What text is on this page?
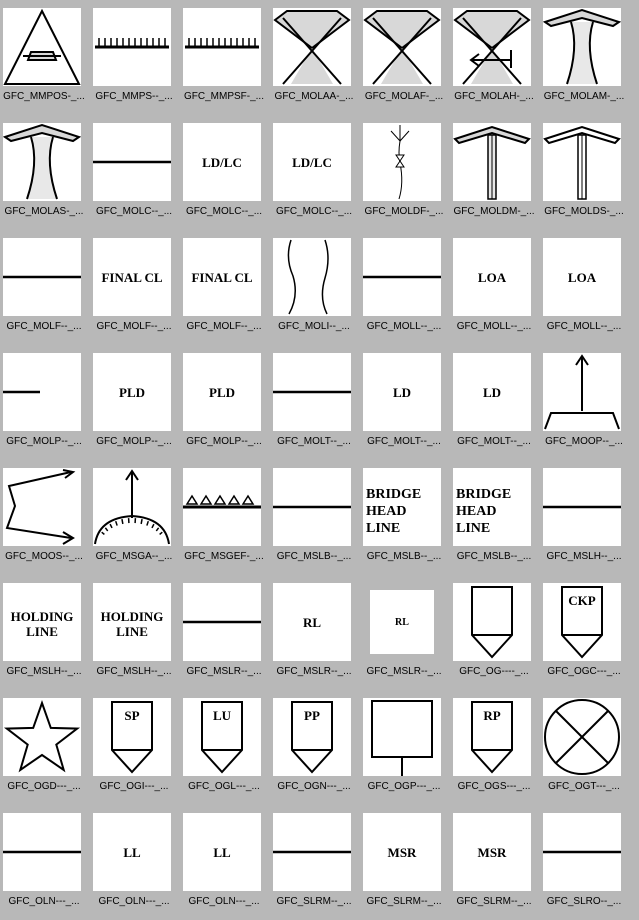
GFC_MMPOS-_...	GFC_MMPS--_...	GFC_MMPSF-_...	GFC_MOLAA-_...	GFC_MOLAF-_...	GFC_MOLAH-_... GFC_MOLAM-_...
GFC_MOLAS-_...	GFC_MOLC--_...
LD/LC
GFC_MOLC--_...
LD/LC
GFC_MOLC--_...	GFC_MOLDF-_... GFC_MOLDM-_... GFC_MOLDS-_...
GFC_MOLF--_...
FINAL CL
GFC_MOLF--_...
FINAL CL
GFC_MOLF--_...	GFC_MOLI--_...	GFC_MOLL--_...
LOA
GFC_MOLL--_...
LOA
GFC_MOLL--_...
GFC_MOLP--_...
PLD
GFC_MOLP--_...
PLD
GFC_MOLP--_...	GFC_MOLT--_...
LD
GFC_MOLT--_...
LD
GFC_MOLT--_...	GFC_MOOP--_...
GFC_MOOS--_...	GFC_MSGA--_...	GFC_MSGEF-_...	GFC_MSLB--_...
BRIDGE
HEAD
LINE
GFC_MSLB--_...
BRIDGE
HEAD
LINE
GFC_MSLB--_...	GFC_MSLH--_...
HOLDING
LINE
GFC_MSLH--_...
HOLDING
LINE
GFC_MSLH--_...	GFC_MSLR--_...
RL
GFC_MSLR--_...
RL
GFC_MSLR--_...	GFC_OG----_...
CKP
GFC_OGC---_...
GFC_OGD---_...
SP
GFC_OGI---_...
LU
GFC_OGL---_...
PP
GFC_OGN---_...	GFC_OGP---_...
RP
GFC_OGS---_...	GFC_OGT---_...
GFC_OLN---_...
LL
GFC_OLN---_...
LL
GFC_OLN---_...	GFC_SLRM--_...
MSR
GFC_SLRM--_...
MSR
GFC_SLRM--_...	GFC_SLRO--_...
